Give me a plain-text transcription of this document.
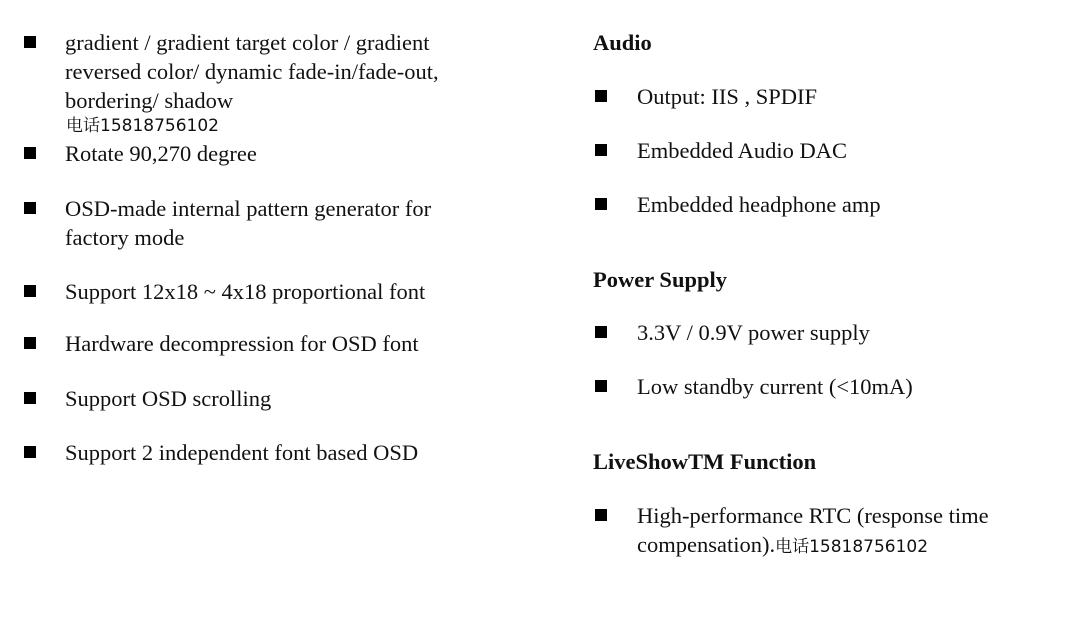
gradient / gradient target color / gradient
reversed color/ dynamic fade-in/fade-out,
bordering/ shadow
电话15818756102
Rotate 90,270 degree
OSD-made internal pattern generator for
factory mode
Support 12x18 ~ 4x18 proportional font
Hardware decompression for OSD font
Support OSD scrolling
Support 2 independent font based OSD
Audio
Output: IIS , SPDIF
Embedded Audio DAC
Embedded headphone amp
Power Supply
3.3V / 0.9V power supply
Low standby current (<10mA)
LiveShowTM Function
High-performance RTC (response time
compensation).电话15818756102
